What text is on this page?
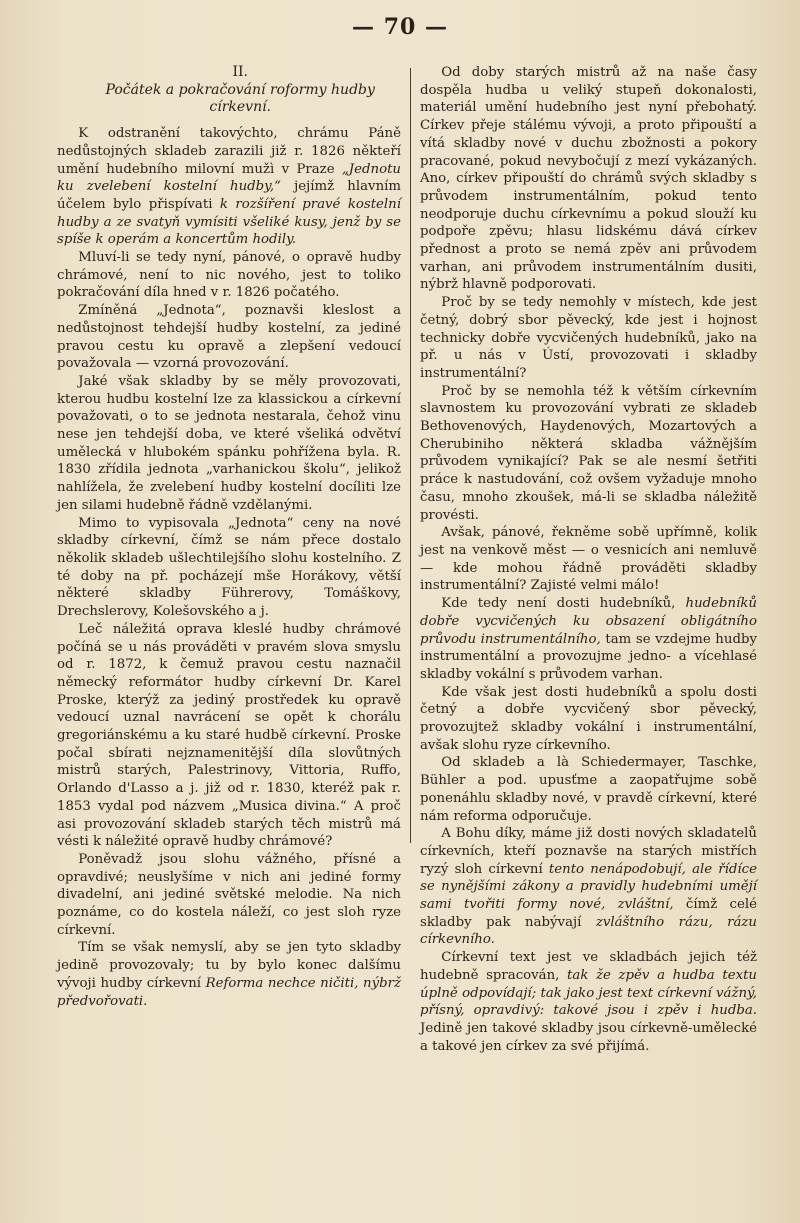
— 70 —

II.

Počátek a pokračování roformy hudby

církevní.

K odstranění takovýchto, chrámu Páně nedůstojných skladeb zarazili již r. 1826 někteří umění hudebního milovní mužì v Praze „Jednotu ku zvelebení kostelní hudby,“ jejímž hlavním účelem bylo přispívati k rozšíření pravé kostelní hudby a ze svatyň vymísiti všeliké kusy, jenž by se spíše k operám a koncertům hodily.

Mluví-li se tedy nyní, pánové, o opravě hudby chrámové, není to nic nového, jest to toliko pokračování díla hned v r. 1826 počatého.

Zmíněná „Jednota“, poznavši kleslost a nedůstojnost tehdejší hudby kostelní, za jediné pravou cestu ku opravě a zlepšení vedoucí považovala — vzorná provozování.

Jaké však skladby by se měly provozovati, kterou hudbu kostelní lze za klassickou a církevní považovati, o to se jednota nestarala, čehož vinu nese jen tehdejší doba, ve které všeliká odvětví umělecká v hlubokém spánku pohřížena byla. R. 1830 zřídila jednota „varhanickou školu“, jelikož nahlížela, že zvelebení hudby kostelní docíliti lze jen silami hudebně řádně vzdělanými.

Mimo to vypisovala „Jednota“ ceny na nové skladby církevní, čímž se nám přece dostalo několik skladeb ušlechtilejšího slohu kostelního. Z té doby na př. pocházejí mše Horákovy, větší některé skladby Führerovy, Tomáškovy, Drechslerovy, Kolešovského a j.

Leč náležitá oprava kleslé hudby chrámové počíná se u nás prováděti v pravém slova smyslu od r. 1872, k čemuž pravou cestu naznačil německý reformátor hudby církevní Dr. Karel Proske, kterýž za jediný prostředek ku opravě vedoucí uznal navrácení se opět k chorálu gregoriánskému a ku staré hudbě církevní. Proske počal sbírati nejznamenitější díla slovůtných mistrů starých, Palestrinovy, Vittoria, Ruffo, Orlando d'Lasso a j. již od r. 1830, kteréž pak r. 1853 vydal pod názvem „Musica divina.“ A proč asi provozování skladeb starých těch mistrů má vésti k náležité opravě hudby chrámové?

Poněvadž jsou slohu vážného, přísné a opravdivé; neuslyšíme v nich ani jediné formy divadelní, ani jediné světské melodie. Na nich poznáme, co do kostela náleží, co jest sloh ryze církevní.

Tím se však nemyslí, aby se jen tyto skladby jedině provozovaly; tu by bylo konec dalšímu vývoji hudby církevní Reforma nechce ničiti, nýbrž předvořovati.

Od doby starých mistrů až na naše časy dospěla hudba u veliký stupeň dokonalosti, materiál umění hudebního jest nyní přebohatý. Církev přeje stálému vývoji, a proto připouští a vítá skladby nové v duchu zbožnosti a pokory pracované, pokud nevybočují z mezí vykázaných. Ano, církev připouští do chrámů svých skladby s průvodem instrumentálním, pokud tento neodporuje duchu církevnímu a pokud slouží ku podpoře zpěvu; hlasu lidskému dává církev přednost a proto se nemá zpěv ani průvodem varhan, ani průvodem instrumentálním dusiti, nýbrž hlavně podporovati.

Proč by se tedy nemohly v místech, kde jest četný, dobrý sbor pěvecký, kde jest i hojnost technicky dobře vycvičených hudebníků, jako na př. u nás v Ústí, provozovati i skladby instrumentální?

Proč by se nemohla též k větším církevním slavnostem ku provozování vybrati ze skladeb Bethovenových, Haydenových, Mozartových a Cherubiniho některá skladba vážnějším průvodem vynikající? Pak se ale nesmí šetřiti práce k nastudování, což ovšem vyžaduje mnoho času, mnoho zkoušek, má-li se skladba náležitě provésti.

Avšak, pánové, řekněme sobě upřímně, kolik jest na venkově měst — o vesnicích ani nemluvě — kde mohou řádně prováděti skladby instrumentální? Zajisté velmi málo!

Kde tedy není dosti hudebníků, hudebníků dobře vycvičených ku obsazení obligátního průvodu instrumentálního, tam se vzdejme hudby instrumentální a provozujme jedno- a vícehlasé skladby vokální s průvodem varhan.

Kde však jest dosti hudebníků a spolu dosti četný a dobře vycvičený sbor pěvecký, provozujtež skladby vokální i instrumentální, avšak slohu ryze církevního.

Od skladeb a là Schiedermayer, Taschke, Bühler a pod. upusťme a zaopatřujme sobě ponenáhlu skladby nové, v pravdě církevní, které nám reforma odporučuje.

A Bohu díky, máme již dosti nových skladatelů církevních, kteří poznavše na starých mistřích ryzý sloh církevní tento nenápodobují, ale řídíce se nynějšími zákony a pravidly hudebními umějí sami tvořiti formy nové, zvláštní, čímž celé skladby pak nabývají zvláštního rázu, rázu církevního.

Církevní text jest ve skladbách jejich též hudebně spracován, tak že zpěv a hudba textu úplně odpovídají; tak jako jest text církevní vážný, přísný, opravdivý: takové jsou i zpěv i hudba. Jedině jen takové skladby jsou církevně-umělecké a takové jen církev za své přijímá.
